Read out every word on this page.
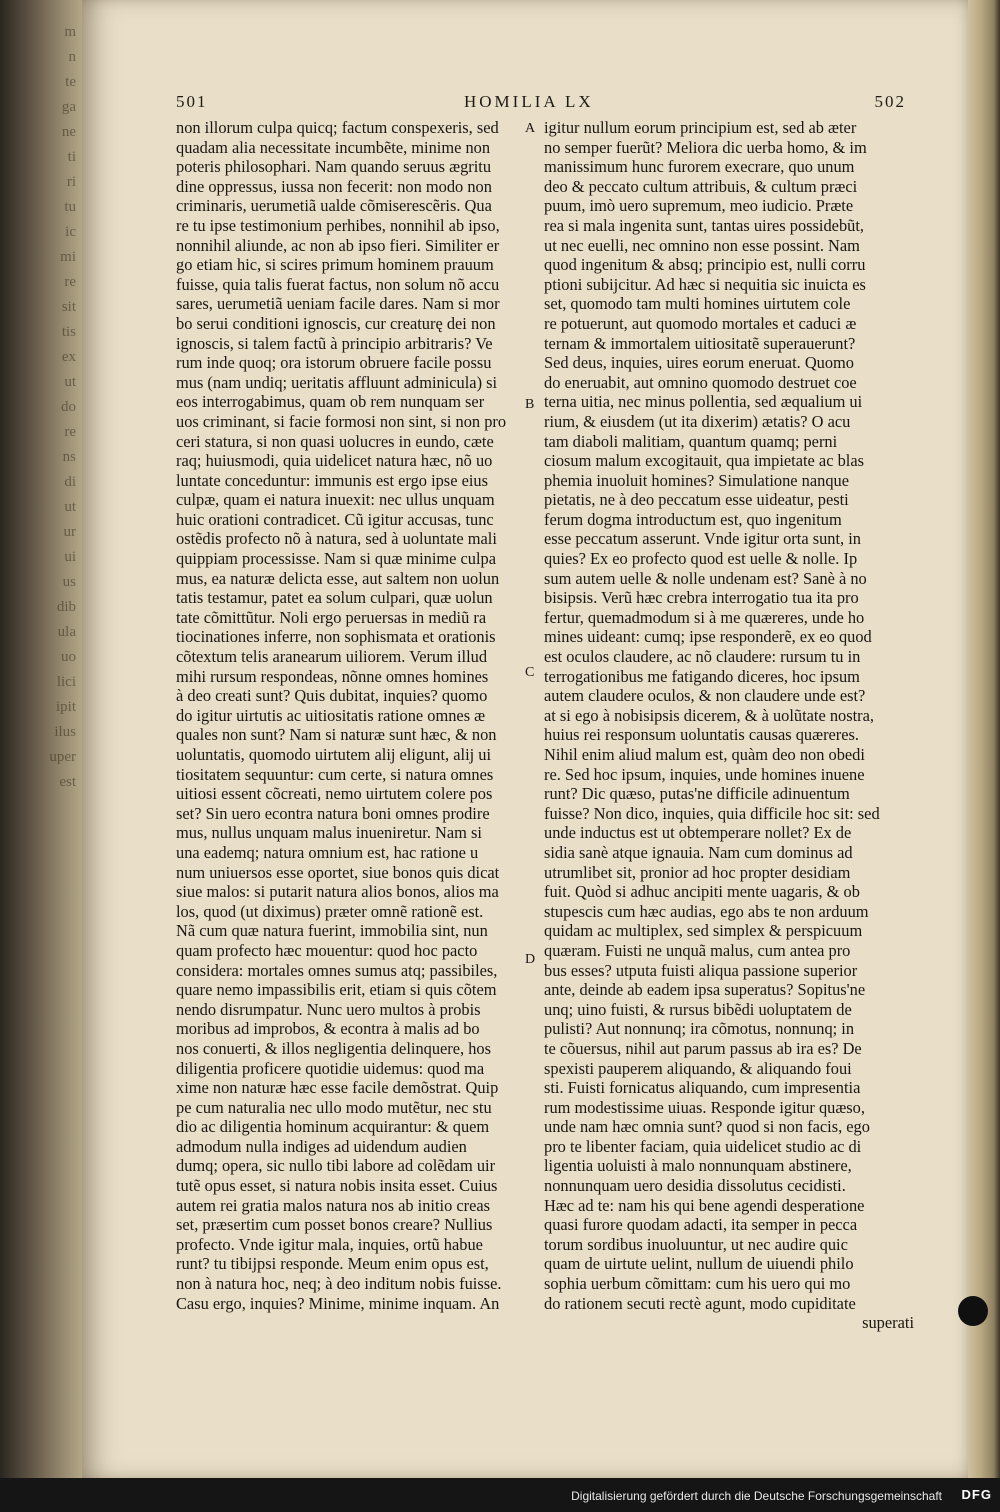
m
n
te
ga
ne
ti
ri
tu
ic
mi
re
sit
tis
ex
ut
do
re
ns
di
ut
ur
ui
us
dib
ula
uo
lici
ipit
ilus
uper
est
501	HOMILIA LX	502
non illorum culpa quicq; factum conspexeris, sed
quadam alia necessitate incumbẽte, minime non
poteris philosophari. Nam quando seruus ægritu
dine oppressus, iussa non fecerit: non modo non
criminaris, uerumetiã ualde cõmiserescẽris. Qua
re tu ipse testimonium perhibes, nonnihil ab ipso,
nonnihil aliunde, ac non ab ipso fieri. Similiter er
go etiam hic, si scires primum hominem prauum
fuisse, quia talis fuerat factus, non solum nõ accu
sares, uerumetiã ueniam facile dares. Nam si mor
bo serui conditioni ignoscis, cur creaturę dei non
ignoscis, si talem factũ à principio arbitraris? Ve
rum inde quoq; ora istorum obruere facile possu
mus (nam undiq; ueritatis affluunt adminicula) si
eos interrogabimus, quam ob rem nunquam ser
uos criminant, si facie formosi non sint, si non pro
ceri statura, si non quasi uolucres in eundo, cæte
raq; huiusmodi, quia uidelicet natura hæc, nõ uo
luntate conceduntur: immunis est ergo ipse eius
culpæ, quam ei natura inuexit: nec ullus unquam
huic orationi contradicet. Cũ igitur accusas, tunc
ostẽdis profecto nõ à natura, sed à uoluntate mali
quippiam processisse. Nam si quæ minime culpa
mus, ea naturæ delicta esse, aut saltem non uolun
tatis testamur, patet ea solum culpari, quæ uolun
tate cõmittũtur. Noli ergo peruersas in mediũ ra
tiocinationes inferre, non sophismata et orationis
cõtextum telis aranearum uiliorem. Verum illud
mihi rursum respondeas, nõnne omnes homines
à deo creati sunt? Quis dubitat, inquies? quomo
do igitur uirtutis ac uitiositatis ratione omnes æ
quales non sunt? Nam si naturæ sunt hæc, & non
uoluntatis, quomodo uirtutem alij eligunt, alij ui
tiositatem sequuntur: cum certe, si natura omnes
uitiosi essent cõcreati, nemo uirtutem colere pos
set? Sin uero econtra natura boni omnes prodire
mus, nullus unquam malus inueniretur. Nam si
una eademq; natura omnium est, hac ratione u
num uniuersos esse oportet, siue bonos quis dicat
siue malos: si putarit natura alios bonos, alios ma
los, quod (ut diximus) præter omnẽ rationẽ est.
Nã cum quæ natura fuerint, immobilia sint, nun
quam profecto hæc mouentur: quod hoc pacto
considera: mortales omnes sumus atq; passibiles,
quare nemo impassibilis erit, etiam si quis cõtem
nendo disrumpatur. Nunc uero multos à probis
moribus ad improbos, & econtra à malis ad bo
nos conuerti, & illos negligentia delinquere, hos
diligentia proficere quotidie uidemus: quod ma
xime non naturæ hæc esse facile demõstrat. Quip
pe cum naturalia nec ullo modo mutẽtur, nec stu
dio ac diligentia hominum acquirantur: & quem
admodum nulla indiges ad uidendum audien
dumq; opera, sic nullo tibi labore ad colẽdam uir
tutẽ opus esset, si natura nobis insita esset. Cuius
autem rei gratia malos natura nos ab initio creas
set, præsertim cum posset bonos creare? Nullius
profecto. Vnde igitur mala, inquies, ortũ habue
runt? tu tibijpsi responde. Meum enim opus est,
non à natura hoc, neq; à deo inditum nobis fuisse.
Casu ergo, inquies? Minime, minime inquam. An
igitur nullum eorum principium est, sed ab æter
no semper fuerũt? Meliora dic uerba homo, & im
manissimum hunc furorem execrare, quo unum
deo & peccato cultum attribuis, & cultum præci
puum, imò uero supremum, meo iudicio. Præte
rea si mala ingenita sunt, tantas uires possidebũt,
ut nec euelli, nec omnino non esse possint. Nam
quod ingenitum & absq; principio est, nulli corru
ptioni subijcitur. Ad hæc si nequitia sic inuicta es
set, quomodo tam multi homines uirtutem cole
re potuerunt, aut quomodo mortales et caduci æ
ternam & immortalem uitiositatẽ superauerunt?
Sed deus, inquies, uires eorum eneruat. Quomo
do eneruabit, aut omnino quomodo destruet coe
terna uitia, nec minus pollentia, sed æqualium ui
rium, & eiusdem (ut ita dixerim) ætatis? O acu
tam diaboli malitiam, quantum quamq; perni
ciosum malum excogitauit, qua impietate ac blas
phemia inuoluit homines? Simulatione nanque
pietatis, ne à deo peccatum esse uideatur, pesti
ferum dogma introductum est, quo ingenitum
esse peccatum asserunt. Vnde igitur orta sunt, in
quies? Ex eo profecto quod est uelle & nolle. Ip
sum autem uelle & nolle undenam est? Sanè à no
bisipsis. Verũ hæc crebra interrogatio tua ita pro
fertur, quemadmodum si à me quæreres, unde ho
mines uideant: cumq; ipse responderẽ, ex eo quod
est oculos claudere, ac nõ claudere: rursum tu in
terrogationibus me fatigando diceres, hoc ipsum
autem claudere oculos, & non claudere unde est?
at si ego à nobisipsis dicerem, & à uolũtate nostra,
huius rei responsum uoluntatis causas quæreres.
Nihil enim aliud malum est, quàm deo non obedi
re. Sed hoc ipsum, inquies, unde homines inuene
runt? Dic quæso, putas'ne difficile adinuentum
fuisse? Non dico, inquies, quia difficile hoc sit: sed
unde inductus est ut obtemperare nollet? Ex de
sidia sanè atque ignauia. Nam cum dominus ad
utrumlibet sit, pronior ad hoc propter desidiam
fuit. Quòd si adhuc ancipiti mente uagaris, & ob
stupescis cum hæc audias, ego abs te non arduum
quidam ac multiplex, sed simplex & perspicuum
quæram. Fuisti ne unquã malus, cum antea pro
bus esses? utputa fuisti aliqua passione superior
ante, deinde ab eadem ipsa superatus? Sopitus'ne
unq; uino fuisti, & rursus bibẽdi uoluptatem de
pulisti? Aut nonnunq; ira cõmotus, nonnunq; in
te cõuersus, nihil aut parum passus ab ira es? De
spexisti pauperem aliquando, & aliquando foui
sti. Fuisti fornicatus aliquando, cum impresentia
rum modestissime uiuas. Responde igitur quæso,
unde nam hæc omnia sunt? quod si non facis, ego
pro te libenter faciam, quia uidelicet studio ac di
ligentia uoluisti à malo nonnunquam abstinere,
nonnunquam uero desidia dissolutus cecidisti.
Hæc ad te: nam his qui bene agendi desperatione
quasi furore quodam adacti, ita semper in pecca
torum sordibus inuoluuntur, ut nec audire quic
quam de uirtute uelint, nullum de uiuendi philo
sophia uerbum cõmittam: cum his uero qui mo
do rationem secuti rectè agunt, modo cupiditate
superati
A
B
C
D
Digitalisierung gefördert durch die Deutsche Forschungsgemeinschaft DFG
